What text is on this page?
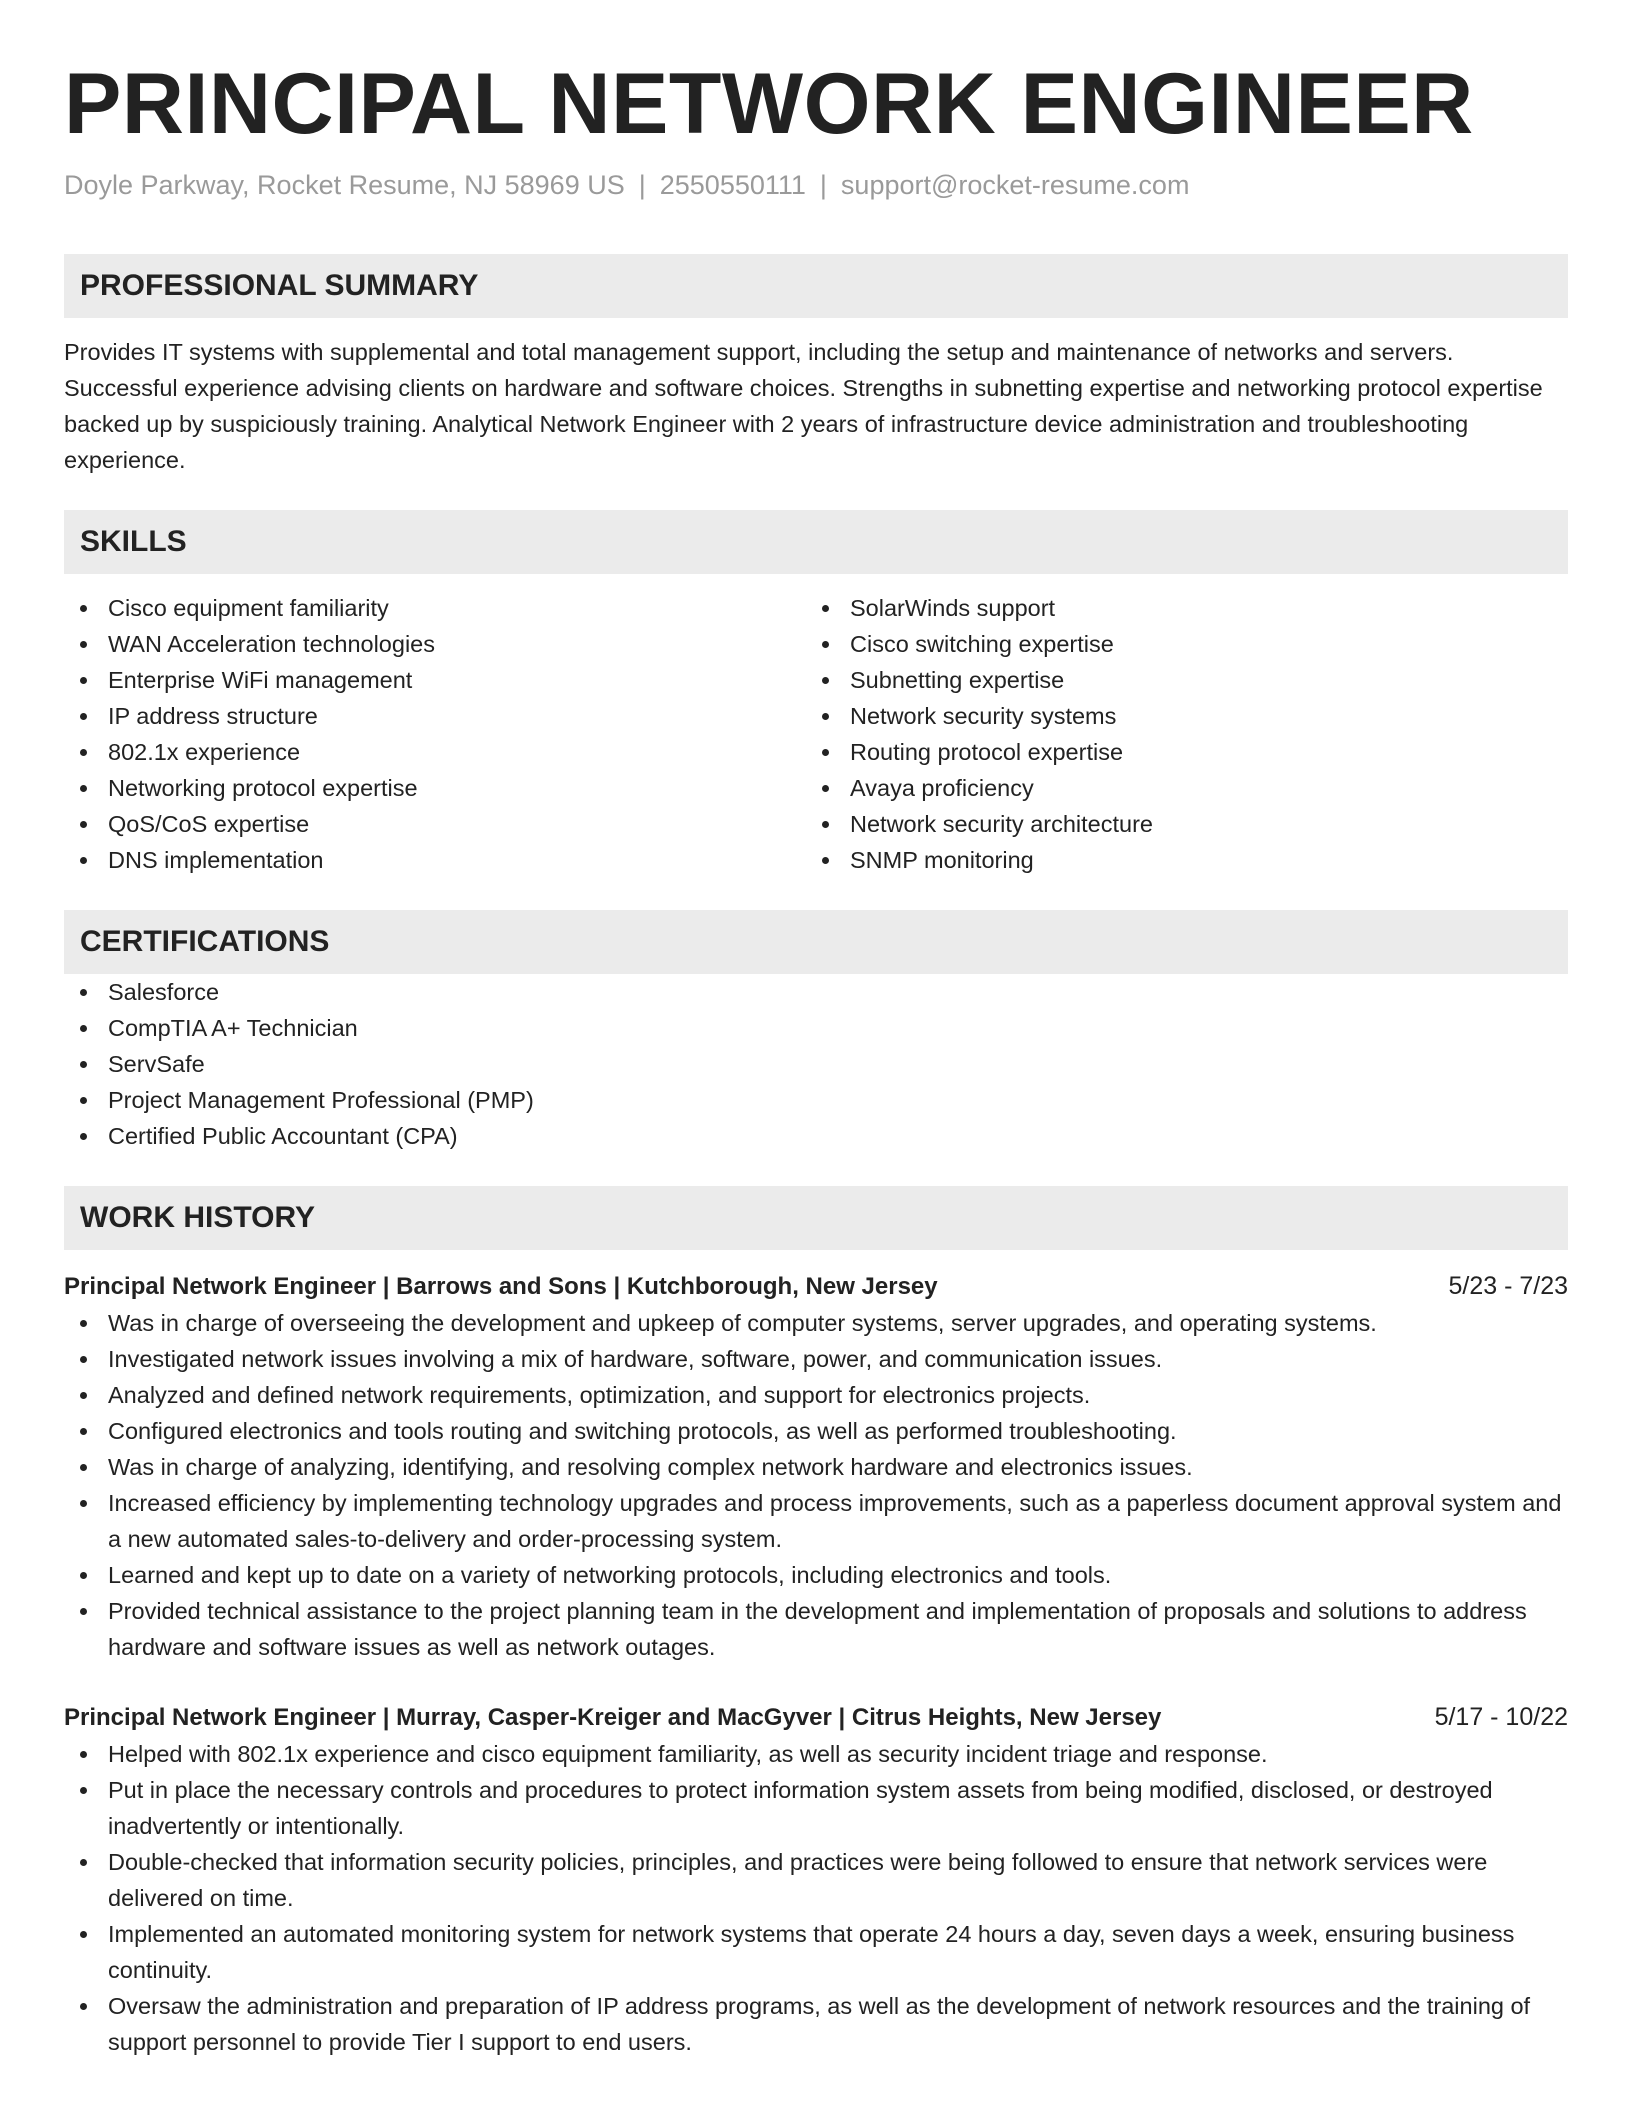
PRINCIPAL NETWORK ENGINEER
Doyle Parkway, Rocket Resume, NJ 58969 US | 2550550111 | support@rocket-resume.com
PROFESSIONAL SUMMARY
Provides IT systems with supplemental and total management support, including the setup and maintenance of networks and servers. Successful experience advising clients on hardware and software choices. Strengths in subnetting expertise and networking protocol expertise backed up by suspiciously training. Analytical Network Engineer with 2 years of infrastructure device administration and troubleshooting experience.
SKILLS
Cisco equipment familiarity
WAN Acceleration technologies
Enterprise WiFi management
IP address structure
802.1x experience
Networking protocol expertise
QoS/CoS expertise
DNS implementation
SolarWinds support
Cisco switching expertise
Subnetting expertise
Network security systems
Routing protocol expertise
Avaya proficiency
Network security architecture
SNMP monitoring
CERTIFICATIONS
Salesforce
CompTIA A+ Technician
ServSafe
Project Management Professional (PMP)
Certified Public Accountant (CPA)
WORK HISTORY
Principal Network Engineer | Barrows and Sons | Kutchborough, New Jersey	5/23 - 7/23
Was in charge of overseeing the development and upkeep of computer systems, server upgrades, and operating systems.
Investigated network issues involving a mix of hardware, software, power, and communication issues.
Analyzed and defined network requirements, optimization, and support for electronics projects.
Configured electronics and tools routing and switching protocols, as well as performed troubleshooting.
Was in charge of analyzing, identifying, and resolving complex network hardware and electronics issues.
Increased efficiency by implementing technology upgrades and process improvements, such as a paperless document approval system and a new automated sales-to-delivery and order-processing system.
Learned and kept up to date on a variety of networking protocols, including electronics and tools.
Provided technical assistance to the project planning team in the development and implementation of proposals and solutions to address hardware and software issues as well as network outages.
Principal Network Engineer | Murray, Casper-Kreiger and MacGyver | Citrus Heights, New Jersey	5/17 - 10/22
Helped with 802.1x experience and cisco equipment familiarity, as well as security incident triage and response.
Put in place the necessary controls and procedures to protect information system assets from being modified, disclosed, or destroyed inadvertently or intentionally.
Double-checked that information security policies, principles, and practices were being followed to ensure that network services were delivered on time.
Implemented an automated monitoring system for network systems that operate 24 hours a day, seven days a week, ensuring business continuity.
Oversaw the administration and preparation of IP address programs, as well as the development of network resources and the training of support personnel to provide Tier I support to end users.
